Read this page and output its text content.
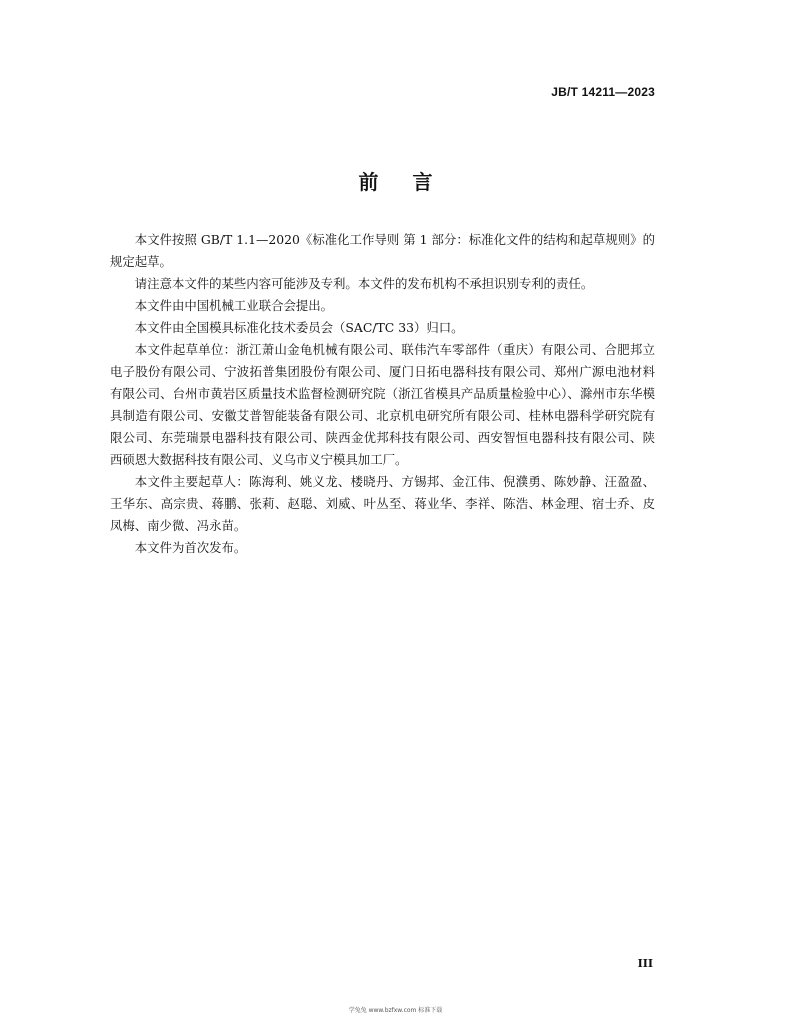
JB/T 14211—2023
前言

本文件按照 GB/T 1.1—2020《标准化工作导则 第 1 部分：标准化文件的结构和起草规则》的规定起草。

请注意本文件的某些内容可能涉及专利。本文件的发布机构不承担识别专利的责任。

本文件由中国机械工业联合会提出。

本文件由全国模具标准化技术委员会（SAC/TC 33）归口。

本文件起草单位：浙江萧山金龟机械有限公司、联伟汽车零部件（重庆）有限公司、合肥邦立电子股份有限公司、宁波拓普集团股份有限公司、厦门日拓电器科技有限公司、郑州广源电池材料有限公司、台州市黄岩区质量技术监督检测研究院（浙江省模具产品质量检验中心）、滁州市东华模具制造有限公司、安徽艾普智能装备有限公司、北京机电研究所有限公司、桂林电器科学研究院有限公司、东莞瑞景电器科技有限公司、陕西金优邦科技有限公司、西安智恒电器科技有限公司、陕西硕恩大数据科技有限公司、义乌市义宁模具加工厂。

本文件主要起草人：陈海利、姚义龙、楼晓丹、方锡邦、金江伟、倪濮勇、陈妙静、汪盈盈、王华东、高宗贵、蒋鹏、张莉、赵聪、刘威、叶丛至、蒋业华、李祥、陈浩、林金理、宿士乔、皮凤梅、南少微、冯永苗。

本文件为首次发布。

III
学兔兔 www.bzfxw.com 标准下载
